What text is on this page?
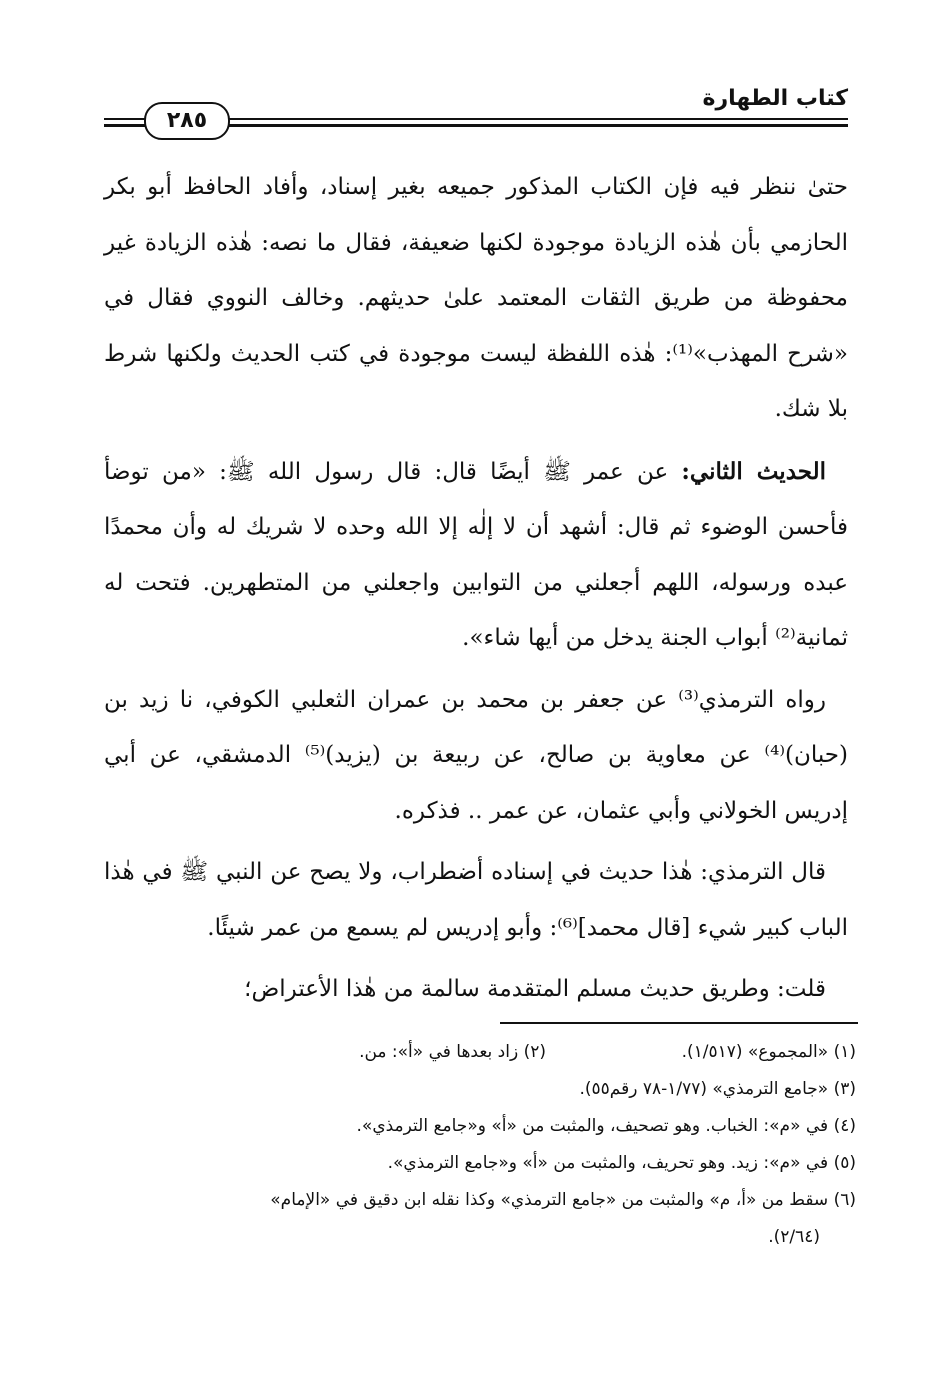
كتاب الطهارة
٢٨٥

حتىٰ ننظر فيه فإن الكتاب المذكور جميعه بغير إسناد، وأفاد الحافظ أبو بكر الحازمي بأن هٰذه الزيادة موجودة لكنها ضعيفة، فقال ما نصه: هٰذه الزيادة غير محفوظة من طريق الثقات المعتمد علىٰ حديثهم. وخالف النووي فقال في «شرح المهذب»⁽¹⁾: هٰذه اللفظة ليست موجودة في كتب الحديث ولكنها شرط بلا شك.

الحديث الثاني: عن عمر ﷺ أيضًا قال: قال رسول الله ﷺ: «من توضأ فأحسن الوضوء ثم قال: أشهد أن لا إلٰه إلا الله وحده لا شريك له وأن محمدًا عبده ورسوله، اللهم أجعلني من التوابين واجعلني من المتطهرين. فتحت له ثمانية⁽²⁾ أبواب الجنة يدخل من أيها شاء».

رواه الترمذي⁽³⁾ عن جعفر بن محمد بن عمران الثعلبي الكوفي، نا زيد بن (حبان)⁽⁴⁾ عن معاوية بن صالح، عن ربيعة بن (يزيد)⁽⁵⁾ الدمشقي، عن أبي إدريس الخولاني وأبي عثمان، عن عمر .. فذكره.

قال الترمذي: هٰذا حديث في إسناده أضطراب، ولا يصح عن النبي ﷺ في هٰذا الباب كبير شيء [قال محمد]⁽⁶⁾: وأبو إدريس لم يسمع من عمر شيئًا.

قلت: وطريق حديث مسلم المتقدمة سالمة من هٰذا الأعتراض؛

(١) «المجموع» (١/٥١٧).
(٢) زاد بعدها في «أ»: من.

(٣) «جامع الترمذي» (١/٧٧-٧٨ رقم٥٥).

(٤) في «م»: الخباب. وهو تصحيف، والمثبت من «أ» و«جامع الترمذي».

(٥) في «م»: زيد. وهو تحريف، والمثبت من «أ» و«جامع الترمذي».

(٦) سقط من «أ، م» والمثبت من «جامع الترمذي» وكذا نقله ابن دقيق في «الإمام»

(٢/٦٤).
